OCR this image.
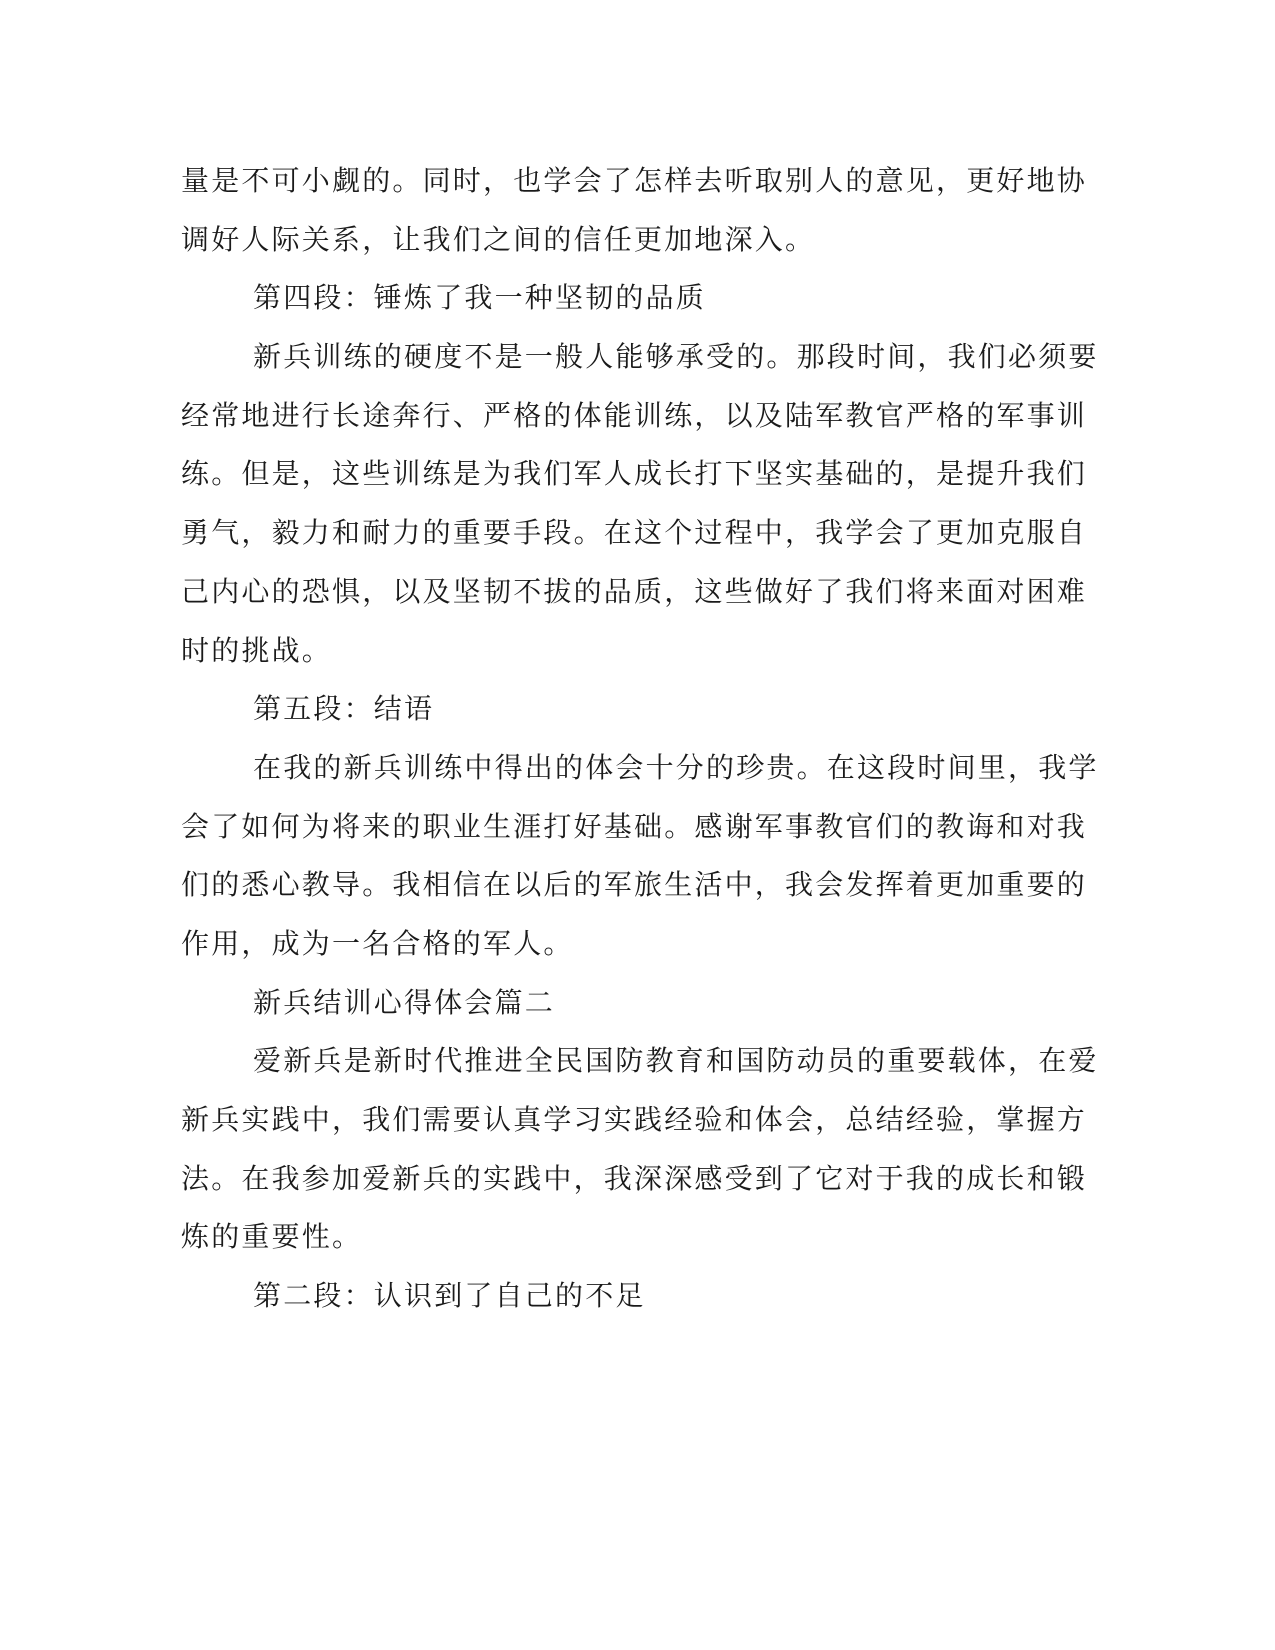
量是不可小觑的。同时，也学会了怎样去听取别人的意见，更好地协
调好人际关系，让我们之间的信任更加地深入。
第四段：锤炼了我一种坚韧的品质
新兵训练的硬度不是一般人能够承受的。那段时间，我们必须要
经常地进行长途奔行、严格的体能训练，以及陆军教官严格的军事训
练。但是，这些训练是为我们军人成长打下坚实基础的，是提升我们
勇气，毅力和耐力的重要手段。在这个过程中，我学会了更加克服自
己内心的恐惧，以及坚韧不拔的品质，这些做好了我们将来面对困难
时的挑战。
第五段：结语
在我的新兵训练中得出的体会十分的珍贵。在这段时间里，我学
会了如何为将来的职业生涯打好基础。感谢军事教官们的教诲和对我
们的悉心教导。我相信在以后的军旅生活中，我会发挥着更加重要的
作用，成为一名合格的军人。
新兵结训心得体会篇二
爱新兵是新时代推进全民国防教育和国防动员的重要载体，在爱
新兵实践中，我们需要认真学习实践经验和体会，总结经验，掌握方
法。在我参加爱新兵的实践中，我深深感受到了它对于我的成长和锻
炼的重要性。
第二段：认识到了自己的不足
